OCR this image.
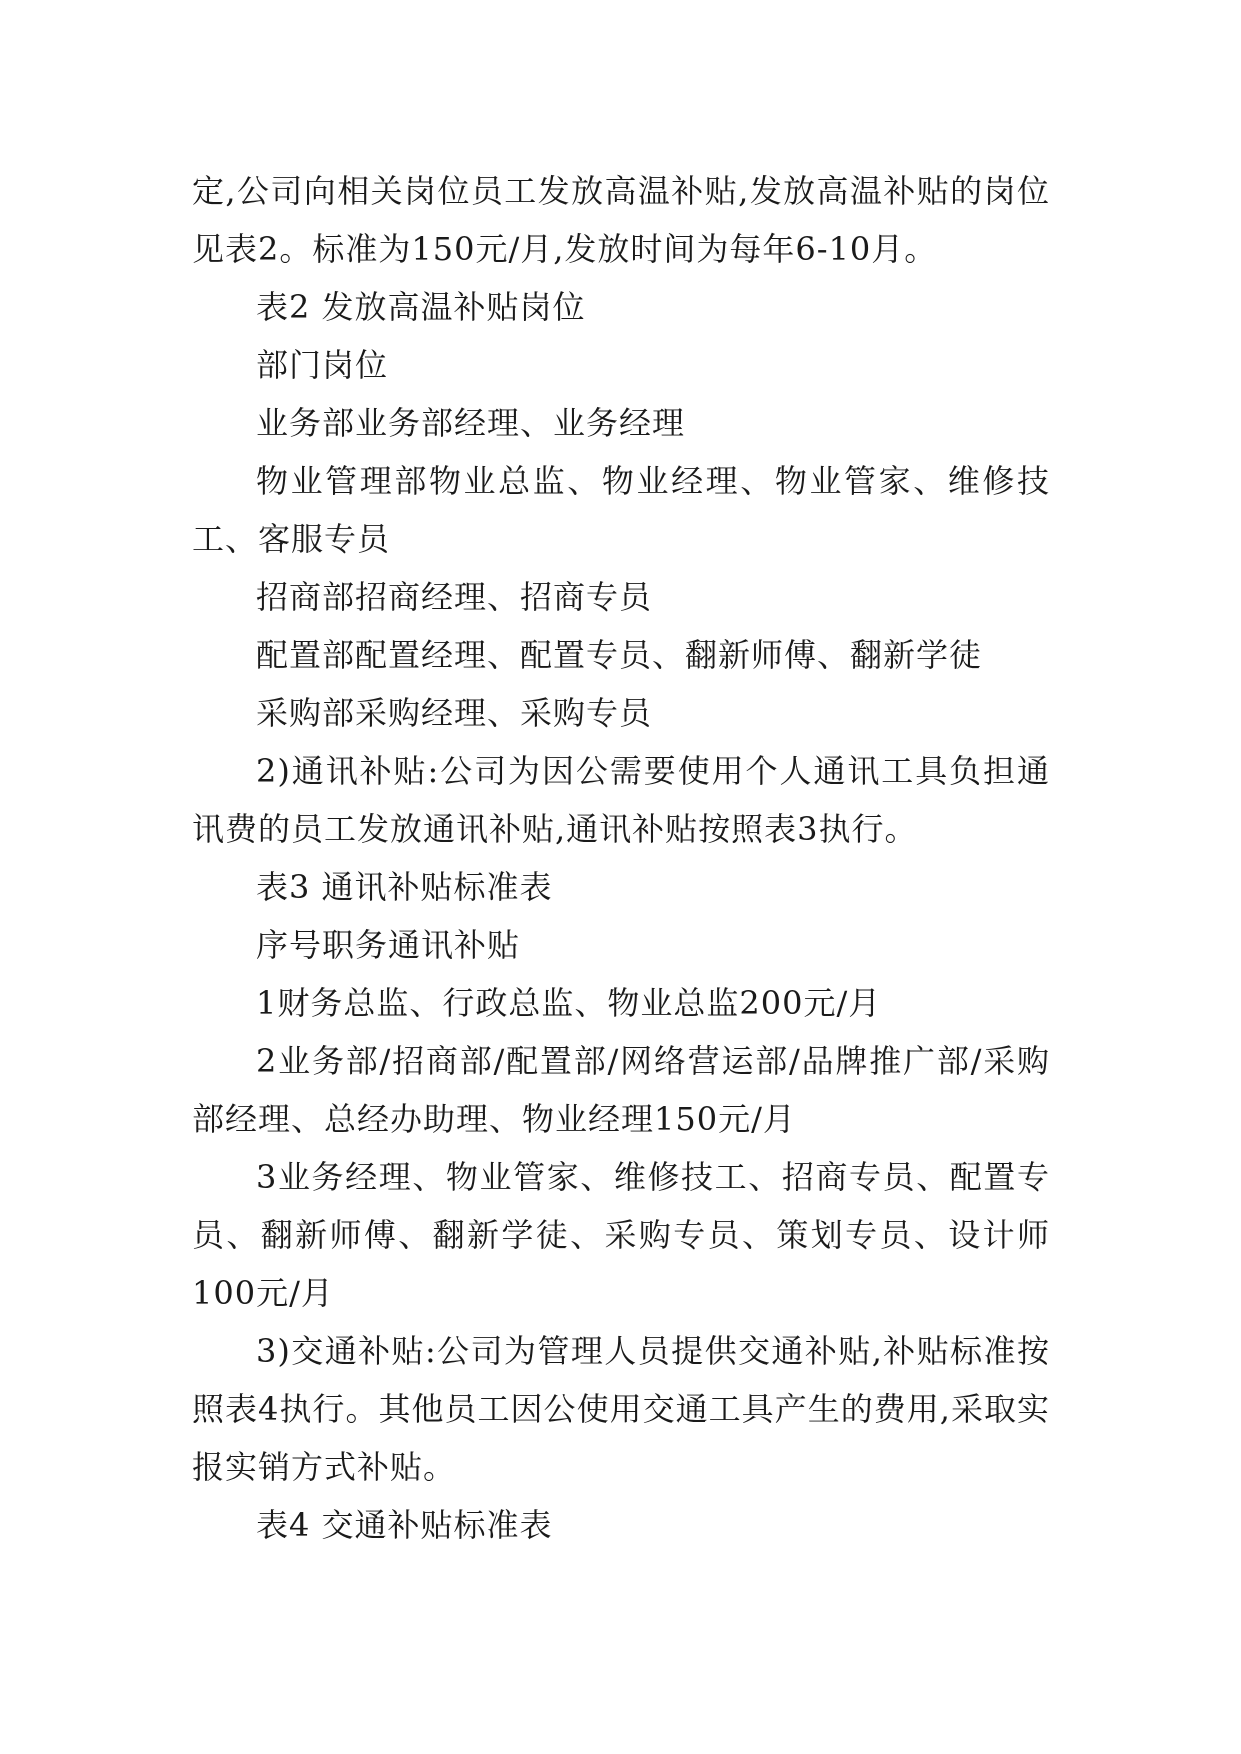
定,公司向相关岗位员工发放高温补贴,发放高温补贴的岗位见表2。标准为150元/月,发放时间为每年6-10月。

表2 发放高温补贴岗位

部门岗位

业务部业务部经理、业务经理

物业管理部物业总监、物业经理、物业管家、维修技工、客服专员

招商部招商经理、招商专员

配置部配置经理、配置专员、翻新师傅、翻新学徒

采购部采购经理、采购专员

2)通讯补贴:公司为因公需要使用个人通讯工具负担通讯费的员工发放通讯补贴,通讯补贴按照表3执行。

表3 通讯补贴标准表

序号职务通讯补贴

1财务总监、行政总监、物业总监200元/月

2业务部/招商部/配置部/网络营运部/品牌推广部/采购部经理、总经办助理、物业经理150元/月

3业务经理、物业管家、维修技工、招商专员、配置专员、翻新师傅、翻新学徒、采购专员、策划专员、设计师100元/月

3)交通补贴:公司为管理人员提供交通补贴,补贴标准按照表4执行。其他员工因公使用交通工具产生的费用,采取实报实销方式补贴。

表4 交通补贴标准表
